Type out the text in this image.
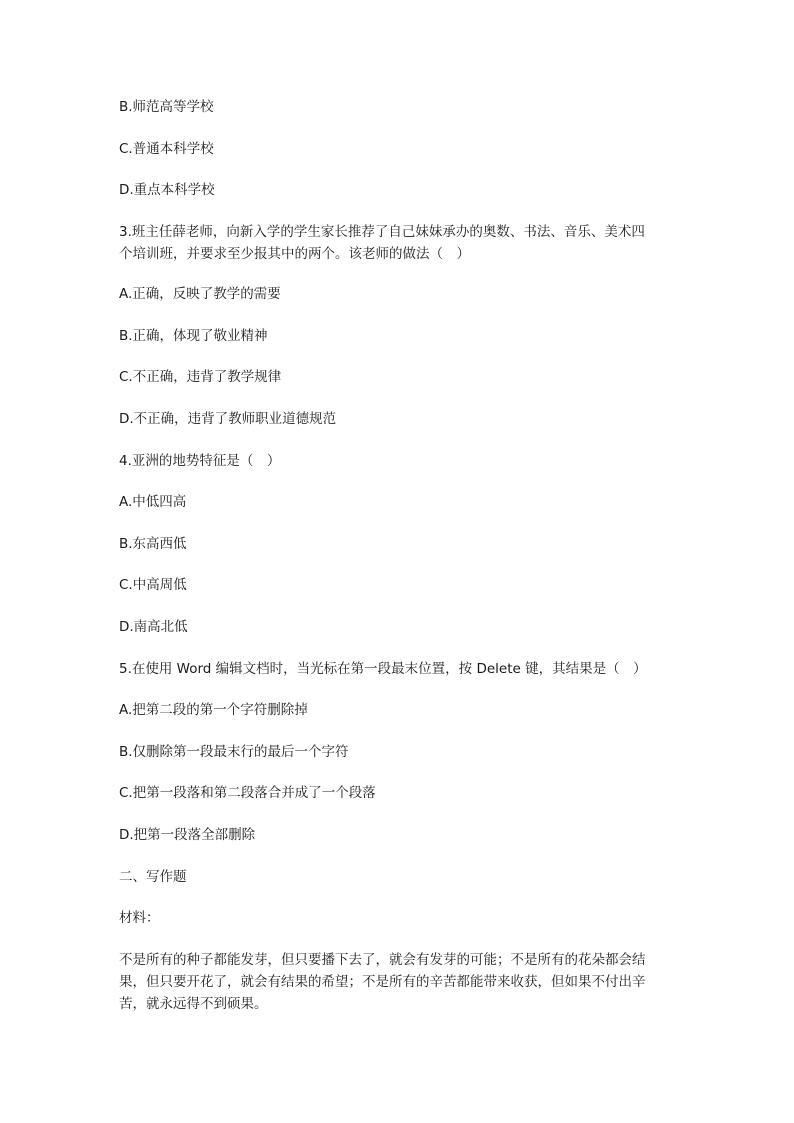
B.师范高等学校
C.普通本科学校
D.重点本科学校
3.班主任薛老师，向新入学的学生家长推荐了自己妹妹承办的奥数、书法、音乐、美术四
个培训班，并要求至少报其中的两个。该老师的做法（　）
A.正确，反映了教学的需要
B.正确，体现了敬业精神
C.不正确，违背了教学规律
D.不正确，违背了教师职业道德规范
4.亚洲的地势特征是（　）
A.中低四高
B.东高西低
C.中高周低
D.南高北低
5.在使用 Word 编辑文档时，当光标在第一段最末位置，按 Delete 键，其结果是（　）
A.把第二段的第一个字符删除掉
B.仅删除第一段最末行的最后一个字符
C.把第一段落和第二段落合并成了一个段落
D.把第一段落全部删除
二、写作题
材料：
不是所有的种子都能发芽，但只要播下去了，就会有发芽的可能；不是所有的花朵都会结
果，但只要开花了，就会有结果的希望；不是所有的辛苦都能带来收获，但如果不付出辛
苦，就永远得不到硕果。
